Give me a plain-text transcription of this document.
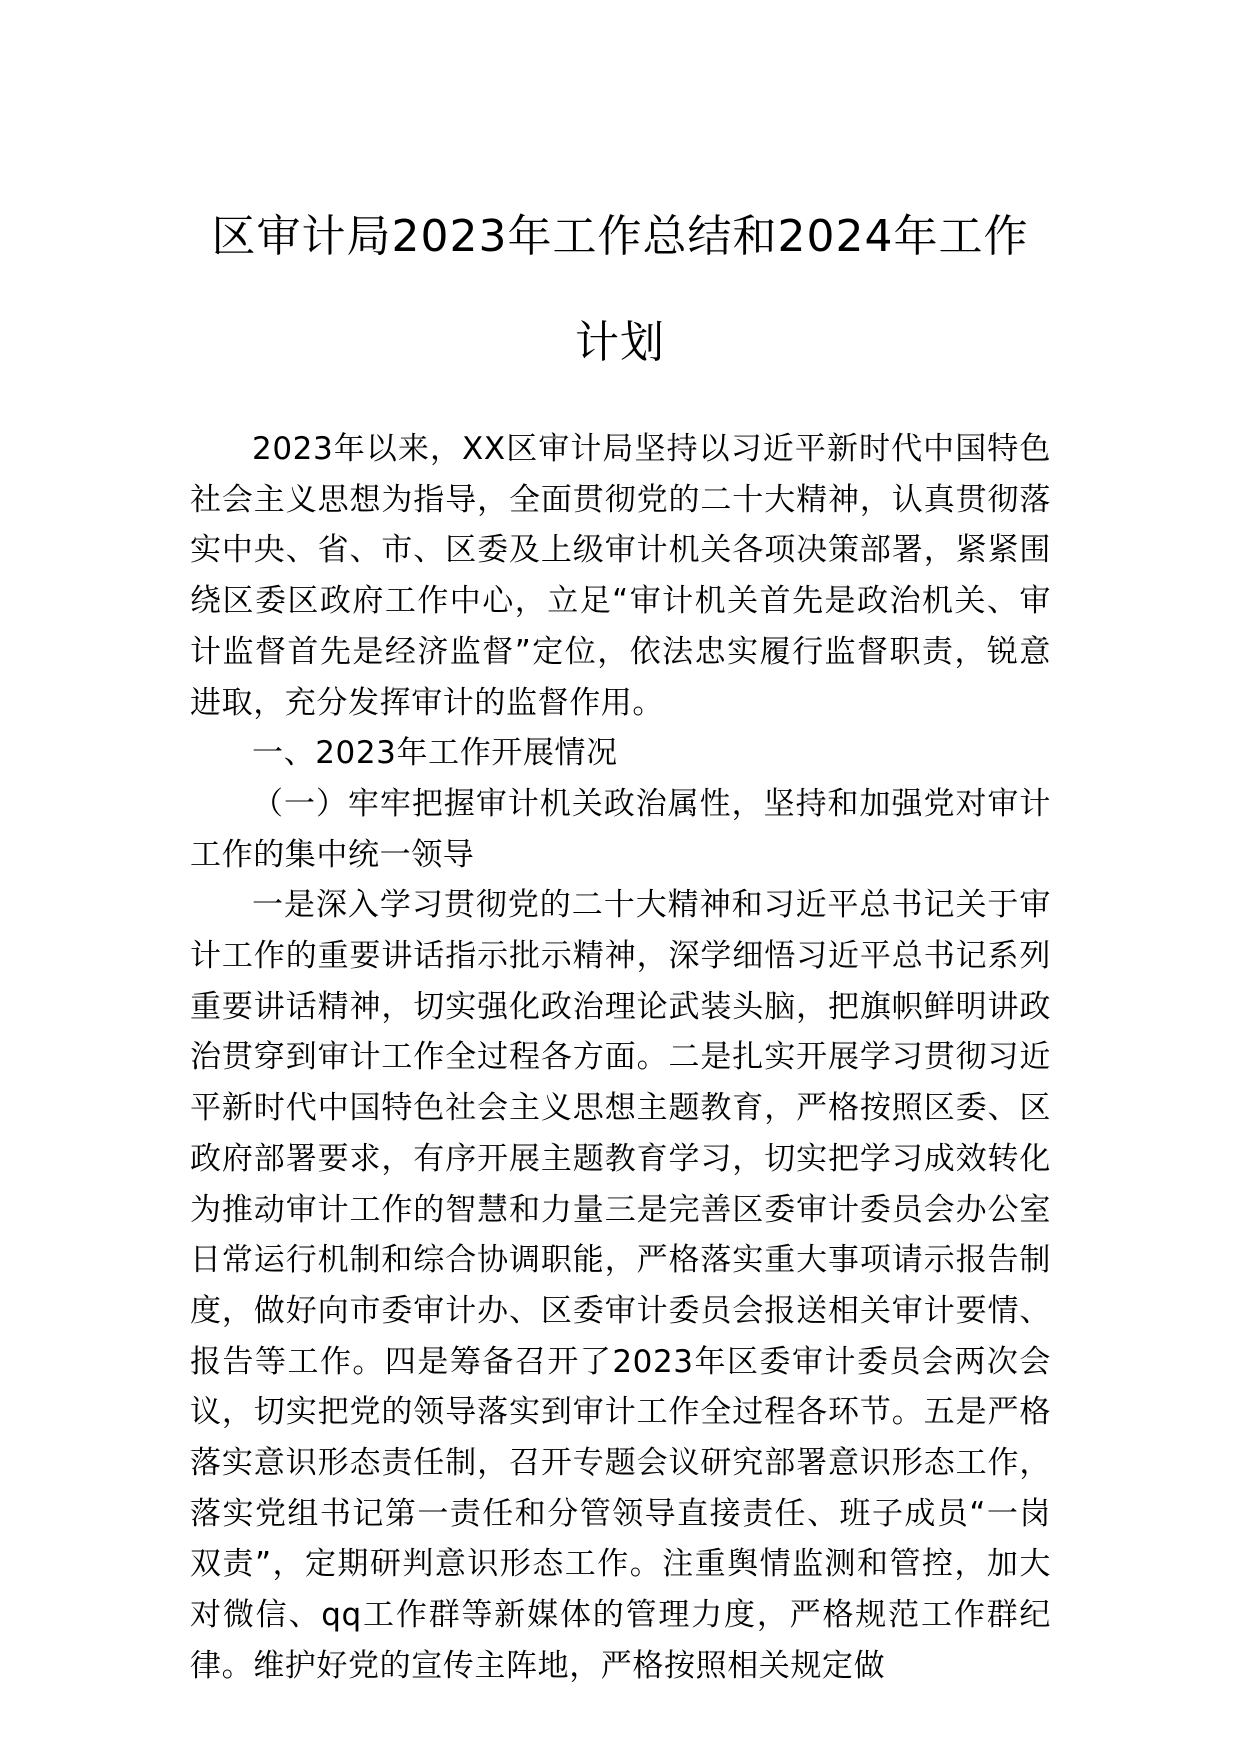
区审计局2023年工作总结和2024年工作计划

2023年以来，XX区审计局坚持以习近平新时代中国特色社会主义思想为指导，全面贯彻党的二十大精神，认真贯彻落实中央、省、市、区委及上级审计机关各项决策部署，紧紧围绕区委区政府工作中心，立足“审计机关首先是政治机关、审计监督首先是经济监督”定位，依法忠实履行监督职责，锐意进取，充分发挥审计的监督作用。

一、2023年工作开展情况

（一）牢牢把握审计机关政治属性，坚持和加强党对审计工作的集中统一领导

一是深入学习贯彻党的二十大精神和习近平总书记关于审计工作的重要讲话指示批示精神，深学细悟习近平总书记系列重要讲话精神，切实强化政治理论武装头脑，把旗帜鲜明讲政治贯穿到审计工作全过程各方面。二是扎实开展学习贯彻习近平新时代中国特色社会主义思想主题教育，严格按照区委、区政府部署要求，有序开展主题教育学习，切实把学习成效转化为推动审计工作的智慧和力量三是完善区委审计委员会办公室日常运行机制和综合协调职能，严格落实重大事项请示报告制度，做好向市委审计办、区委审计委员会报送相关审计要情、报告等工作。四是筹备召开了2023年区委审计委员会两次会议，切实把党的领导落实到审计工作全过程各环节。五是严格落实意识形态责任制，召开专题会议研究部署意识形态工作，落实党组书记第一责任和分管领导直接责任、班子成员“一岗双责”，定期研判意识形态工作。注重舆情监测和管控，加大对微信、qq工作群等新媒体的管理力度，严格规范工作群纪律。维护好党的宣传主阵地，严格按照相关规定做
